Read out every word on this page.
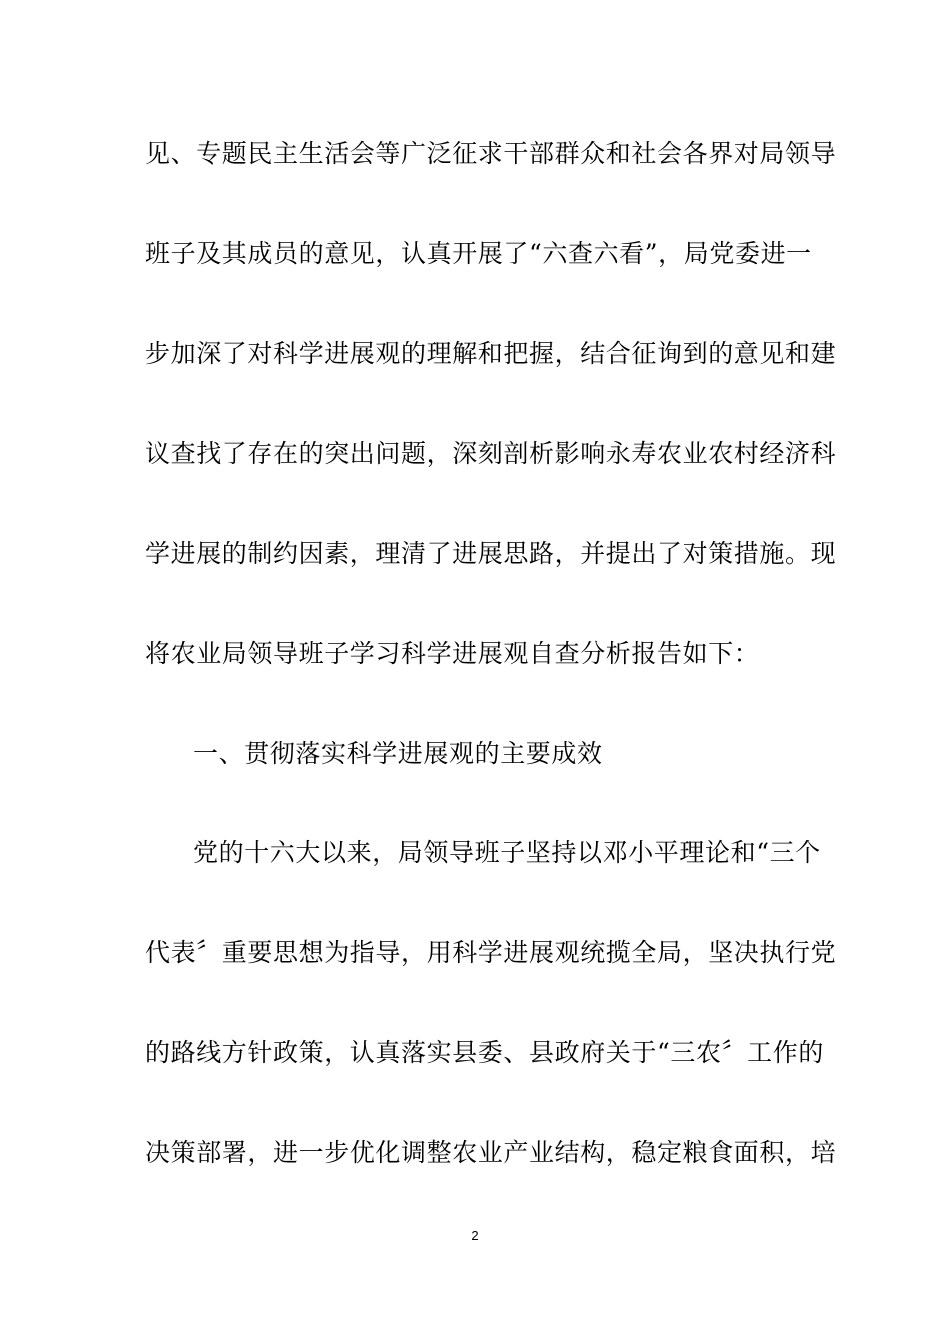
见、专题民主生活会等广泛征求干部群众和社会各界对局领导
班子及其成员的意见，认真开展了“六查六看”，局党委进一
步加深了对科学进展观的理解和把握，结合征询到的意见和建
议查找了存在的突出问题，深刻剖析影响永寿农业农村经济科
学进展的制约因素，理清了进展思路，并提出了对策措施。现
将农业局领导班子学习科学进展观自查分析报告如下：
一、贯彻落实科学进展观的主要成效
党的十六大以来，局领导班子坚持以邓小平理论和“三个
代表〞重要思想为指导，用科学进展观统揽全局，坚决执行党
的路线方针政策，认真落实县委、县政府关于“三农〞工作的
决策部署，进一步优化调整农业产业结构，稳定粮食面积，培
2
